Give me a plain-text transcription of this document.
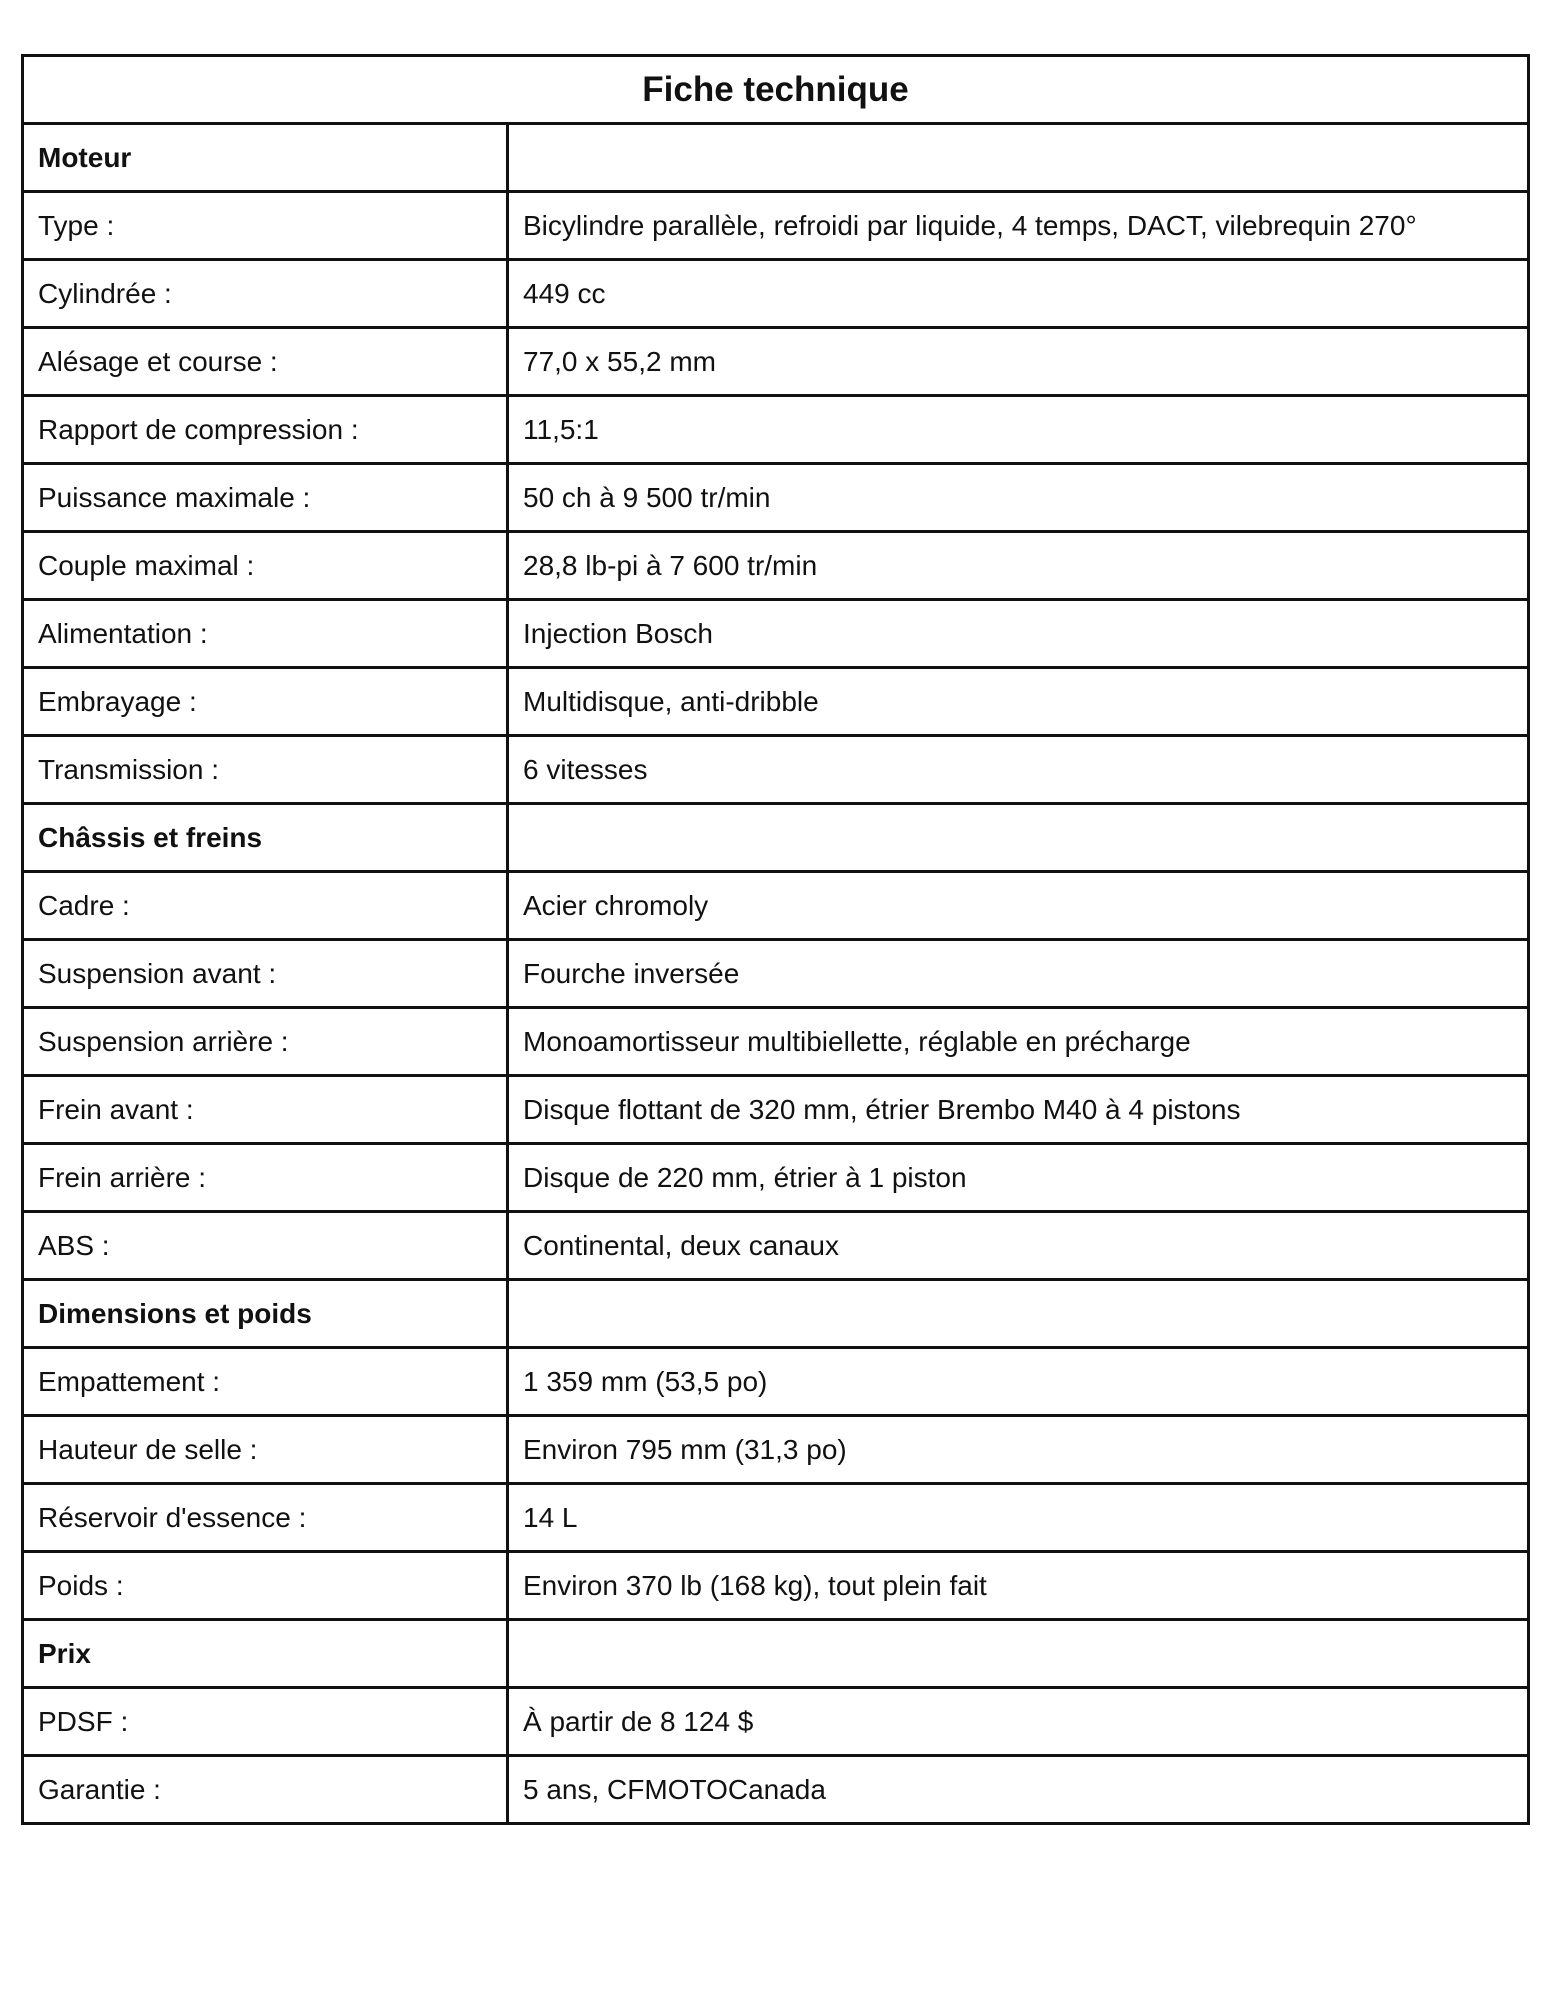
Fiche technique	
Moteur	
Type :	Bicylindre parallèle, refroidi par liquide, 4 temps, DACT, vilebrequin 270°
Cylindrée :	449 cc
Alésage et course :	77,0 x 55,2 mm
Rapport de compression :	11,5:1
Puissance maximale :	50 ch à 9 500 tr/min
Couple maximal :	28,8 lb-pi à 7 600 tr/min
Alimentation :	Injection Bosch
Embrayage :	Multidisque, anti-dribble
Transmission :	6 vitesses
Châssis et freins	
Cadre :	Acier chromoly
Suspension avant :	Fourche inversée
Suspension arrière :	Monoamortisseur multibiellette, réglable en précharge
Frein avant :	Disque flottant de 320 mm, étrier Brembo M40 à 4 pistons
Frein arrière :	Disque de 220 mm, étrier à 1 piston
ABS :	Continental, deux canaux
Dimensions et poids	
Empattement :	1 359 mm (53,5 po)
Hauteur de selle :	Environ 795 mm (31,3 po)
Réservoir d'essence :	14 L
Poids :	Environ 370 lb (168 kg), tout plein fait
Prix	
PDSF :	À partir de 8 124 $
Garantie :	5 ans, CFMOTOCanada
